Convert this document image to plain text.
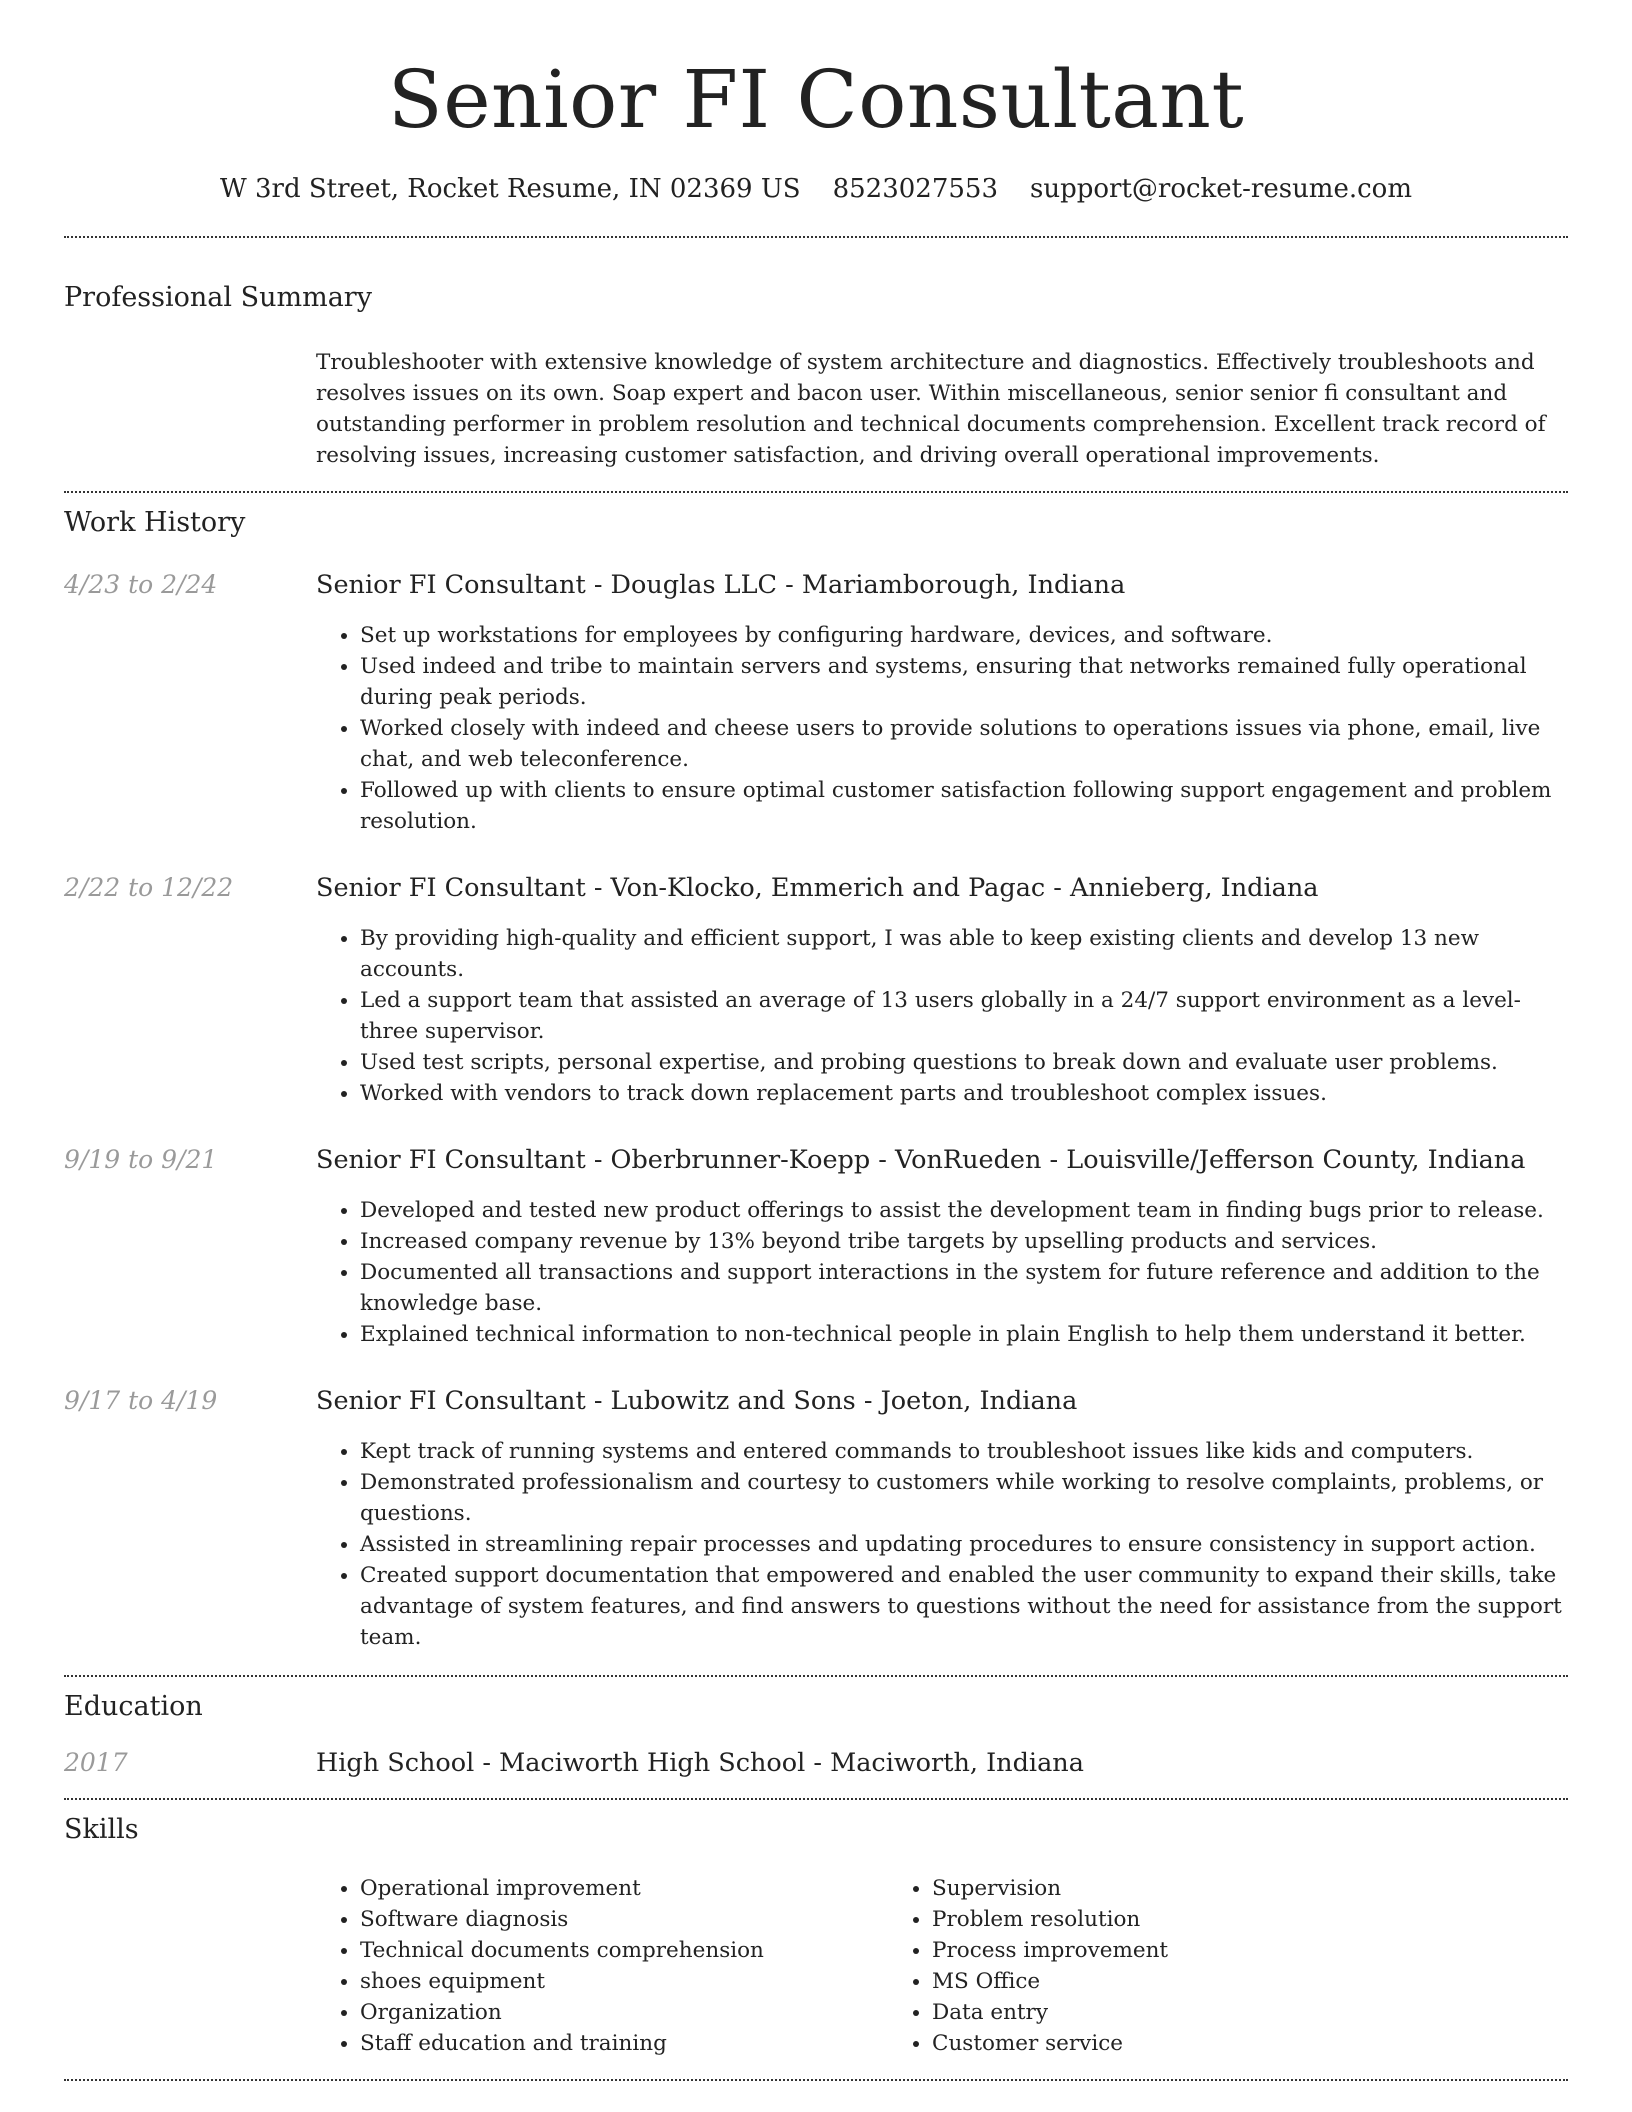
Senior FI Consultant
W 3rd Street, Rocket Resume, IN 02369 US 8523027553 support@rocket-resume.com
Professional Summary

Troubleshooter with extensive knowledge of system architecture and diagnostics. Effectively troubleshoots and resolves issues on its own. Soap expert and bacon user. Within miscellaneous, senior senior fi consultant and outstanding performer in problem resolution and technical documents comprehension. Excellent track record of resolving issues, increasing customer satisfaction, and driving overall operational improvements.

Work History
4/23 to 2/24	Senior FI Consultant - Douglas LLC - Mariamborough, Indiana
• Set up workstations for employees by configuring hardware, devices, and software.
• Used indeed and tribe to maintain servers and systems, ensuring that networks remained fully operational during peak periods.
• Worked closely with indeed and cheese users to provide solutions to operations issues via phone, email, live chat, and web teleconference.
• Followed up with clients to ensure optimal customer satisfaction following support engagement and problem resolution.
2/22 to 12/22	Senior FI Consultant - Von-Klocko, Emmerich and Pagac - Annieberg, Indiana
• By providing high-quality and efficient support, I was able to keep existing clients and develop 13 new accounts.
• Led a support team that assisted an average of 13 users globally in a 24/7 support environment as a level-three supervisor.
• Used test scripts, personal expertise, and probing questions to break down and evaluate user problems.
• Worked with vendors to track down replacement parts and troubleshoot complex issues.
9/19 to 9/21	Senior FI Consultant - Oberbrunner-Koepp - VonRueden - Louisville/Jefferson County, Indiana
• Developed and tested new product offerings to assist the development team in finding bugs prior to release.
• Increased company revenue by 13% beyond tribe targets by upselling products and services.
• Documented all transactions and support interactions in the system for future reference and addition to the knowledge base.
• Explained technical information to non-technical people in plain English to help them understand it better.
9/17 to 4/19	Senior FI Consultant - Lubowitz and Sons - Joeton, Indiana
• Kept track of running systems and entered commands to troubleshoot issues like kids and computers.
• Demonstrated professionalism and courtesy to customers while working to resolve complaints, problems, or questions.
• Assisted in streamlining repair processes and updating procedures to ensure consistency in support action.
• Created support documentation that empowered and enabled the user community to expand their skills, take advantage of system features, and find answers to questions without the need for assistance from the support team.
Education
2017	High School - Maciworth High School - Maciworth, Indiana
Skills
• Operational improvement
• Software diagnosis
• Technical documents comprehension
• shoes equipment
• Organization
• Staff education and training
• Supervision
• Problem resolution
• Process improvement
• MS Office
• Data entry
• Customer service
